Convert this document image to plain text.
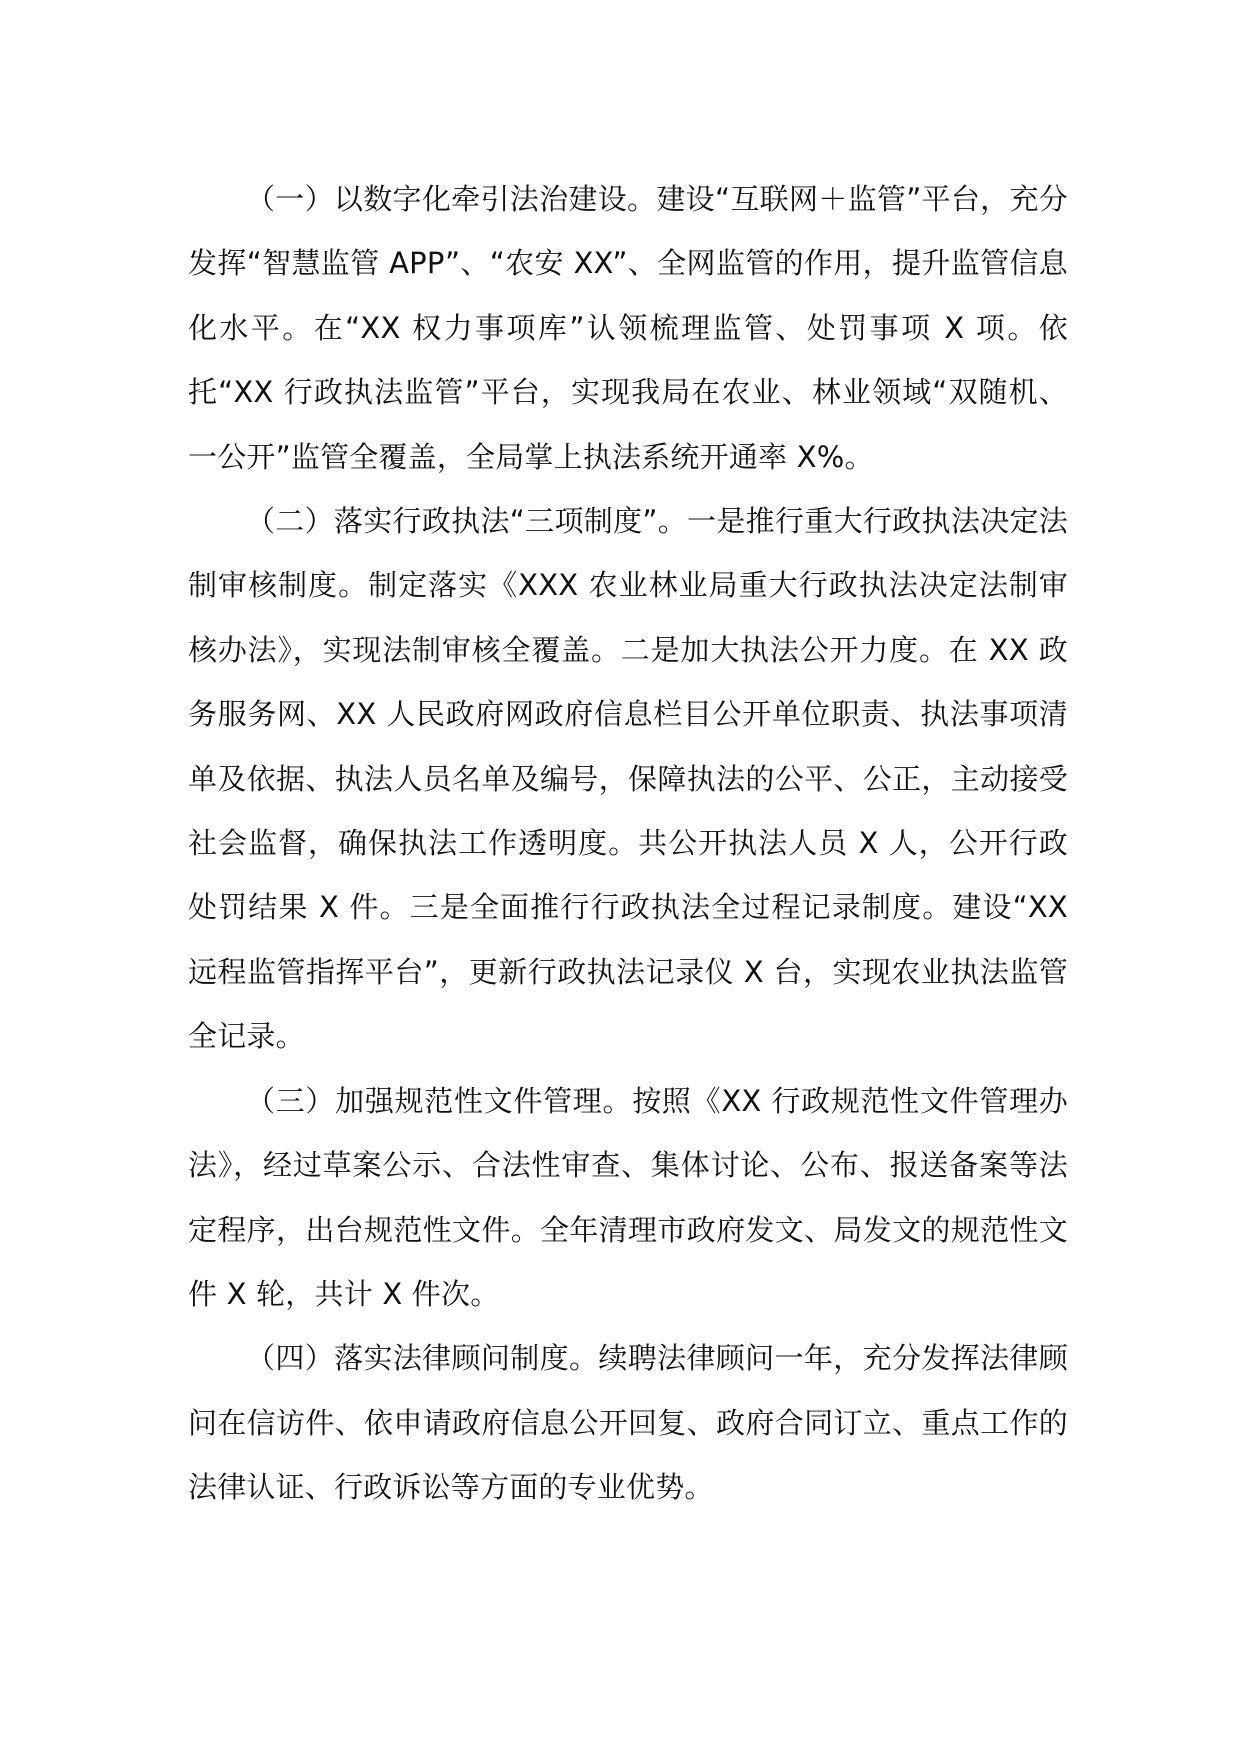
（一）以数字化牵引法治建设。建设“互联网＋监管”平台，充分发挥“智慧监管 APP”、“农安 XX”、全网监管的作用，提升监管信息化水平。在“XX 权力事项库”认领梳理监管、处罚事项 X 项。依托“XX 行政执法监管”平台，实现我局在农业、林业领域“双随机、一公开”监管全覆盖，全局掌上执法系统开通率 X%。

（二）落实行政执法“三项制度”。一是推行重大行政执法决定法制审核制度。制定落实《XXX 农业林业局重大行政执法决定法制审核办法》，实现法制审核全覆盖。二是加大执法公开力度。在 XX 政务服务网、XX 人民政府网政府信息栏目公开单位职责、执法事项清单及依据、执法人员名单及编号，保障执法的公平、公正，主动接受社会监督，确保执法工作透明度。共公开执法人员 X 人，公开行政处罚结果 X 件。三是全面推行行政执法全过程记录制度。建设“XX 远程监管指挥平台”，更新行政执法记录仪 X 台，实现农业执法监管全记录。

（三）加强规范性文件管理。按照《XX 行政规范性文件管理办法》，经过草案公示、合法性审查、集体讨论、公布、报送备案等法定程序，出台规范性文件。全年清理市政府发文、局发文的规范性文件 X 轮，共计 X 件次。

（四）落实法律顾问制度。续聘法律顾问一年，充分发挥法律顾问在信访件、依申请政府信息公开回复、政府合同订立、重点工作的法律认证、行政诉讼等方面的专业优势。
